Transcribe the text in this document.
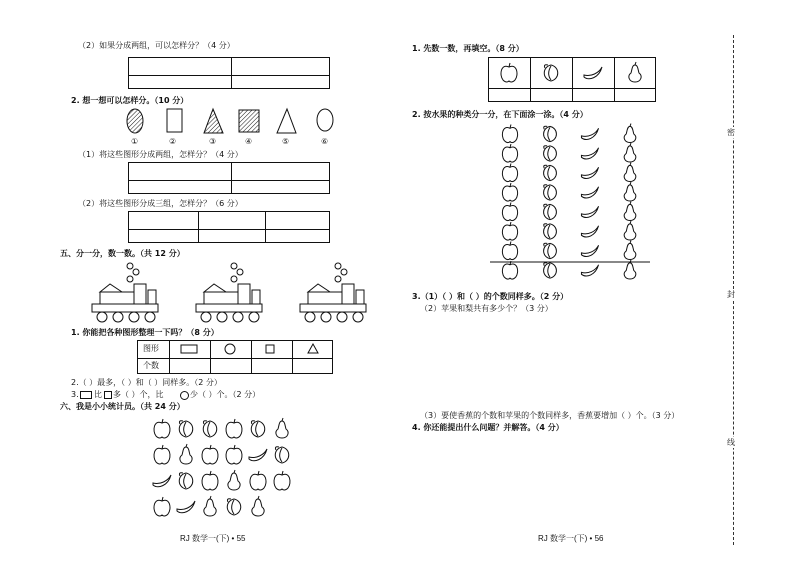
（2）如果分成两组，可以怎样分？（4 分）
2. 想一想可以怎样分。（10 分）
①	②	③	④	⑤	⑥
（1）将这些图形分成两组，怎样分？（4 分）
（2）将这些图形分成三组，怎样分？（6 分）
五、分一分，数一数。（共 12 分）
1. 你能把各种图形整理一下吗？（8 分）
图形
个数
2.（ ）最多，（ ）和（ ）同样多。（2 分）
3. 比 多（ ）个，比	少（ ）个。（2 分）
六、我是小小统计员。（共 24 分）
RJ 数学一(下) • 55
1. 先数一数，再填空。（8 分）
2. 按水果的种类分一分，在下面涂一涂。（4 分）
3.（1）（ ）和（ ）的个数同样多。（2 分）
（2）苹果和梨共有多少个？（3 分）
（3）要使香蕉的个数和苹果的个数同样多，香蕉要增加（ ）个。（3 分）
4. 你还能提出什么问题？并解答。（4 分）
RJ 数学一(下) • 56
密
封
线
